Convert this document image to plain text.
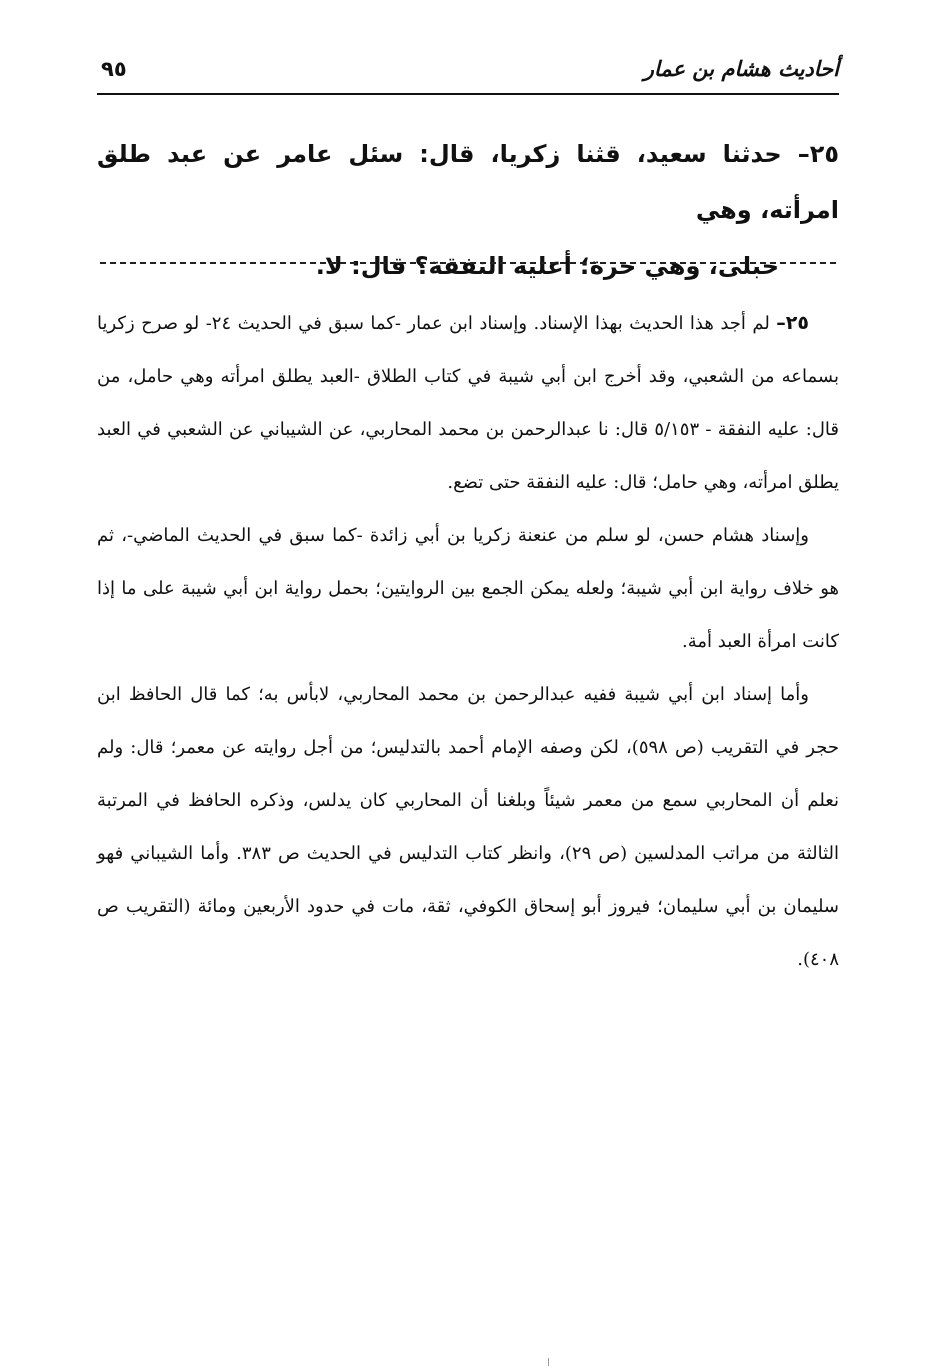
أحاديث هشام بن عمار
٩٥
٢٥– حدثنا سعيد، قثنا زكريا، قال: سئل عامر عن عبد طلق امرأته، وهي
حبلى، وهي حرة؛ أعليه النفقة؟ قال: لا.

٢٥– لم أجد هذا الحديث بهذا الإسناد. وإسناد ابن عمار -كما سبق في الحديث ٢٤- لو صرح زكريا بسماعه من الشعبي، وقد أخرج ابن أبي شيبة في كتاب الطلاق -العبد يطلق امرأته وهي حامل، من قال: عليه النفقة - ٥/١٥٣ قال: نا عبدالرحمن بن محمد المحاربي، عن الشيباني عن الشعبي في العبد يطلق امرأته، وهي حامل؛ قال: عليه النفقة حتى تضع.

وإسناد هشام حسن، لو سلم من عنعنة زكريا بن أبي زائدة -كما سبق في الحديث الماضي-، ثم هو خلاف رواية ابن أبي شيبة؛ ولعله يمكن الجمع بين الروايتين؛ بحمل رواية ابن أبي شيبة على ما إذا كانت امرأة العبد أمة.

وأما إسناد ابن أبي شيبة ففيه عبدالرحمن بن محمد المحاربي، لابأس به؛ كما قال الحافظ ابن حجر في التقريب (ص ٥٩٨)، لكن وصفه الإمام أحمد بالتدليس؛ من أجل روايته عن معمر؛ قال: ولم نعلم أن المحاربي سمع من معمر شيئاً وبلغنا أن المحاربي كان يدلس، وذكره الحافظ في المرتبة الثالثة من مراتب المدلسين (ص ٢٩)، وانظر كتاب التدليس في الحديث ص ٣٨٣. وأما الشيباني فهو سليمان بن أبي سليمان؛ فيروز أبو إسحاق الكوفي، ثقة، مات في حدود الأربعين ومائة (التقريب ص ٤٠٨).
